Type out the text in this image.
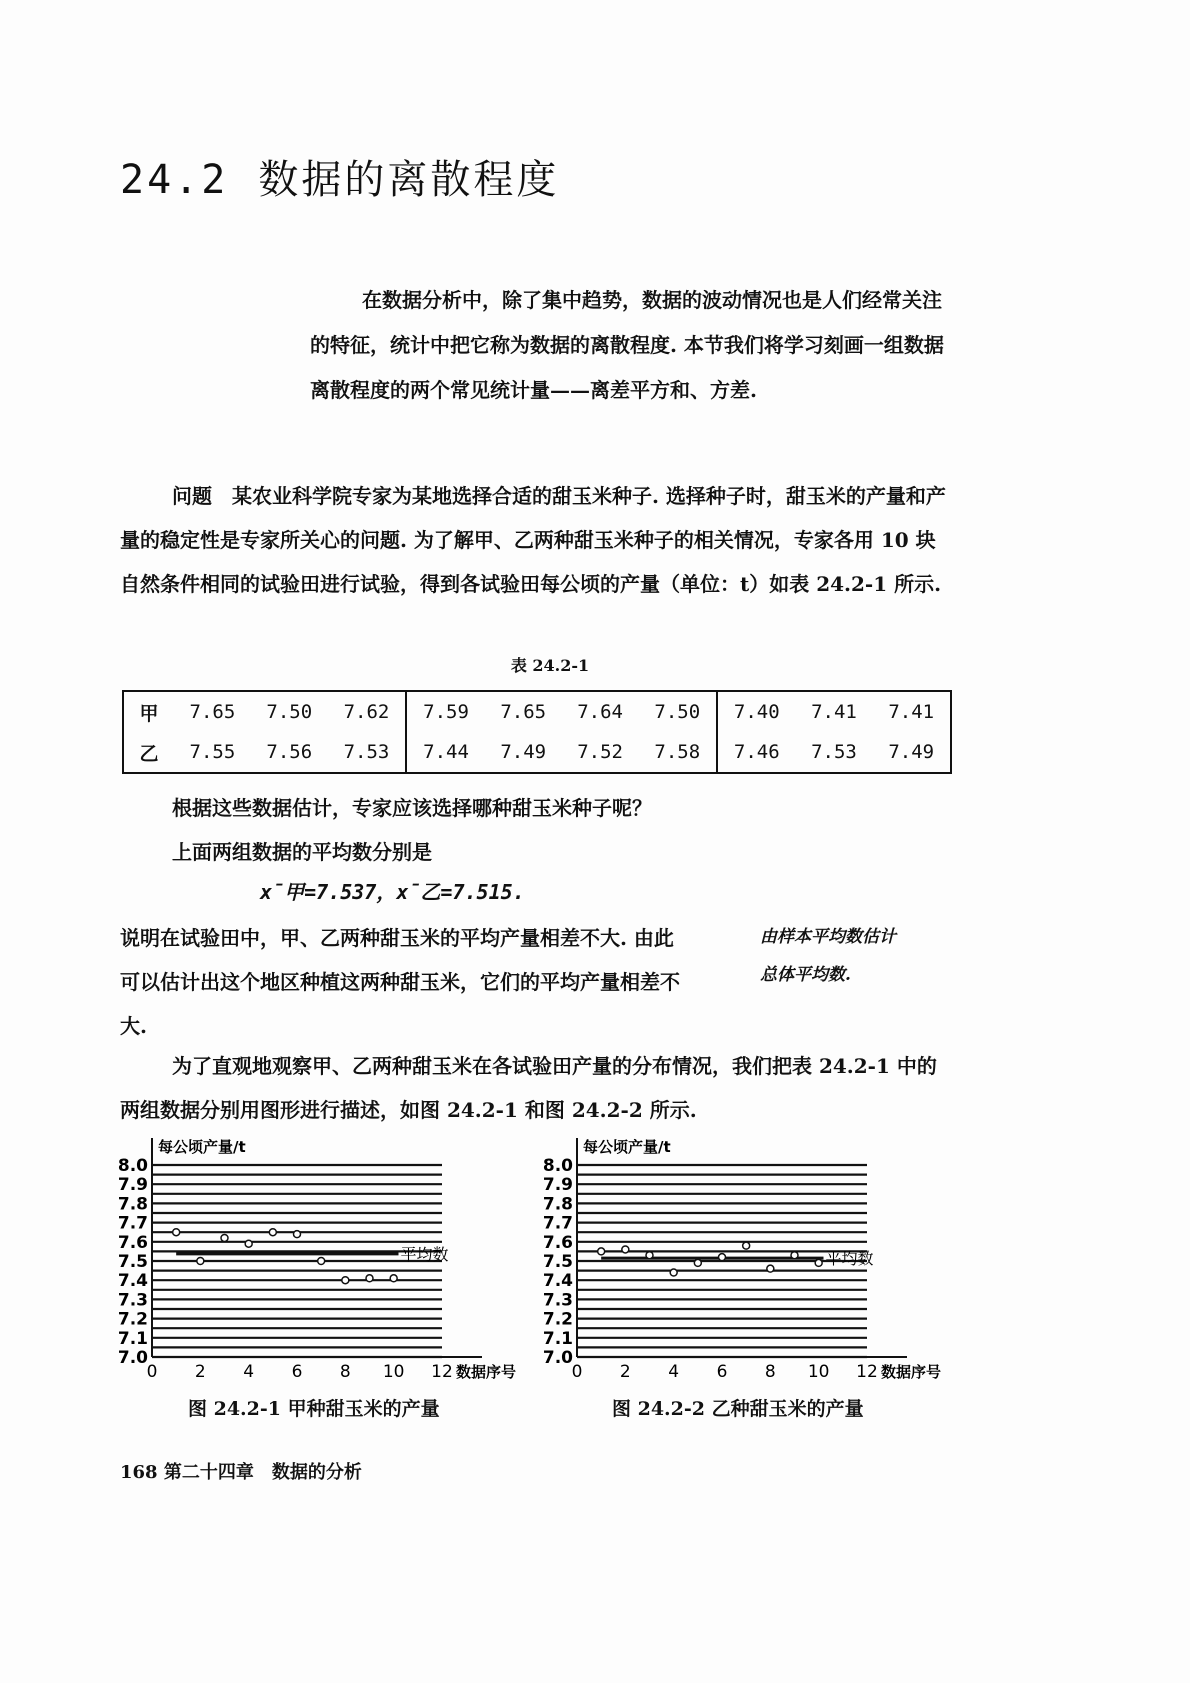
24.2 数据的离散程度
在数据分析中，除了集中趋势，数据的波动情况也是人们经常关注的特征，统计中把它称为数据的离散程度. 本节我们将学习刻画一组数据离散程度的两个常见统计量——离差平方和、方差.
问题　 某农业科学院专家为某地选择合适的甜玉米种子. 选择种子时，甜玉米的产量和产量的稳定性是专家所关心的问题. 为了解甲、乙两种甜玉米种子的相关情况，专家各用 10 块自然条件相同的试验田进行试验，得到各试验田每公顷的产量（单位：t）如表 24.2-1 所示.
表 24.2-1
甲	7.65	7.50	7.62	7.59	7.65	7.64	7.50	7.40	7.41	7.41
乙	7.55	7.56	7.53	7.44	7.49	7.52	7.58	7.46	7.53	7.49
根据这些数据估计，专家应该选择哪种甜玉米种子呢？
上面两组数据的平均数分别是
x̄甲=7.537，x̄乙=7.515.
说明在试验田中，甲、乙两种甜玉米的平均产量相差不大. 由此可以估计出这个地区种植这两种甜玉米，它们的平均产量相差不大.
由样本平均数估计
总体平均数.
为了直观地观察甲、乙两种甜玉米在各试验田产量的分布情况，我们把表 24.2-1 中的两组数据分别用图形进行描述，如图 24.2-1 和图 24.2-2 所示.
每公顷产量/t
7.0
7.1
7.2
7.3
7.4
7.5
7.6
7.7
7.8
7.9
8.0
0 2 4 6 8 10 12 数据序号
平均数
每公顷产量/t
7.0
7.1
7.2
7.3
7.4
7.5
7.6
7.7
7.8
7.9
8.0
0 2 4 6 8 10 12 数据序号
平均数
图 24.2-1 甲种甜玉米的产量	图 24.2-2 乙种甜玉米的产量
168 第二十四章　数据的分析
